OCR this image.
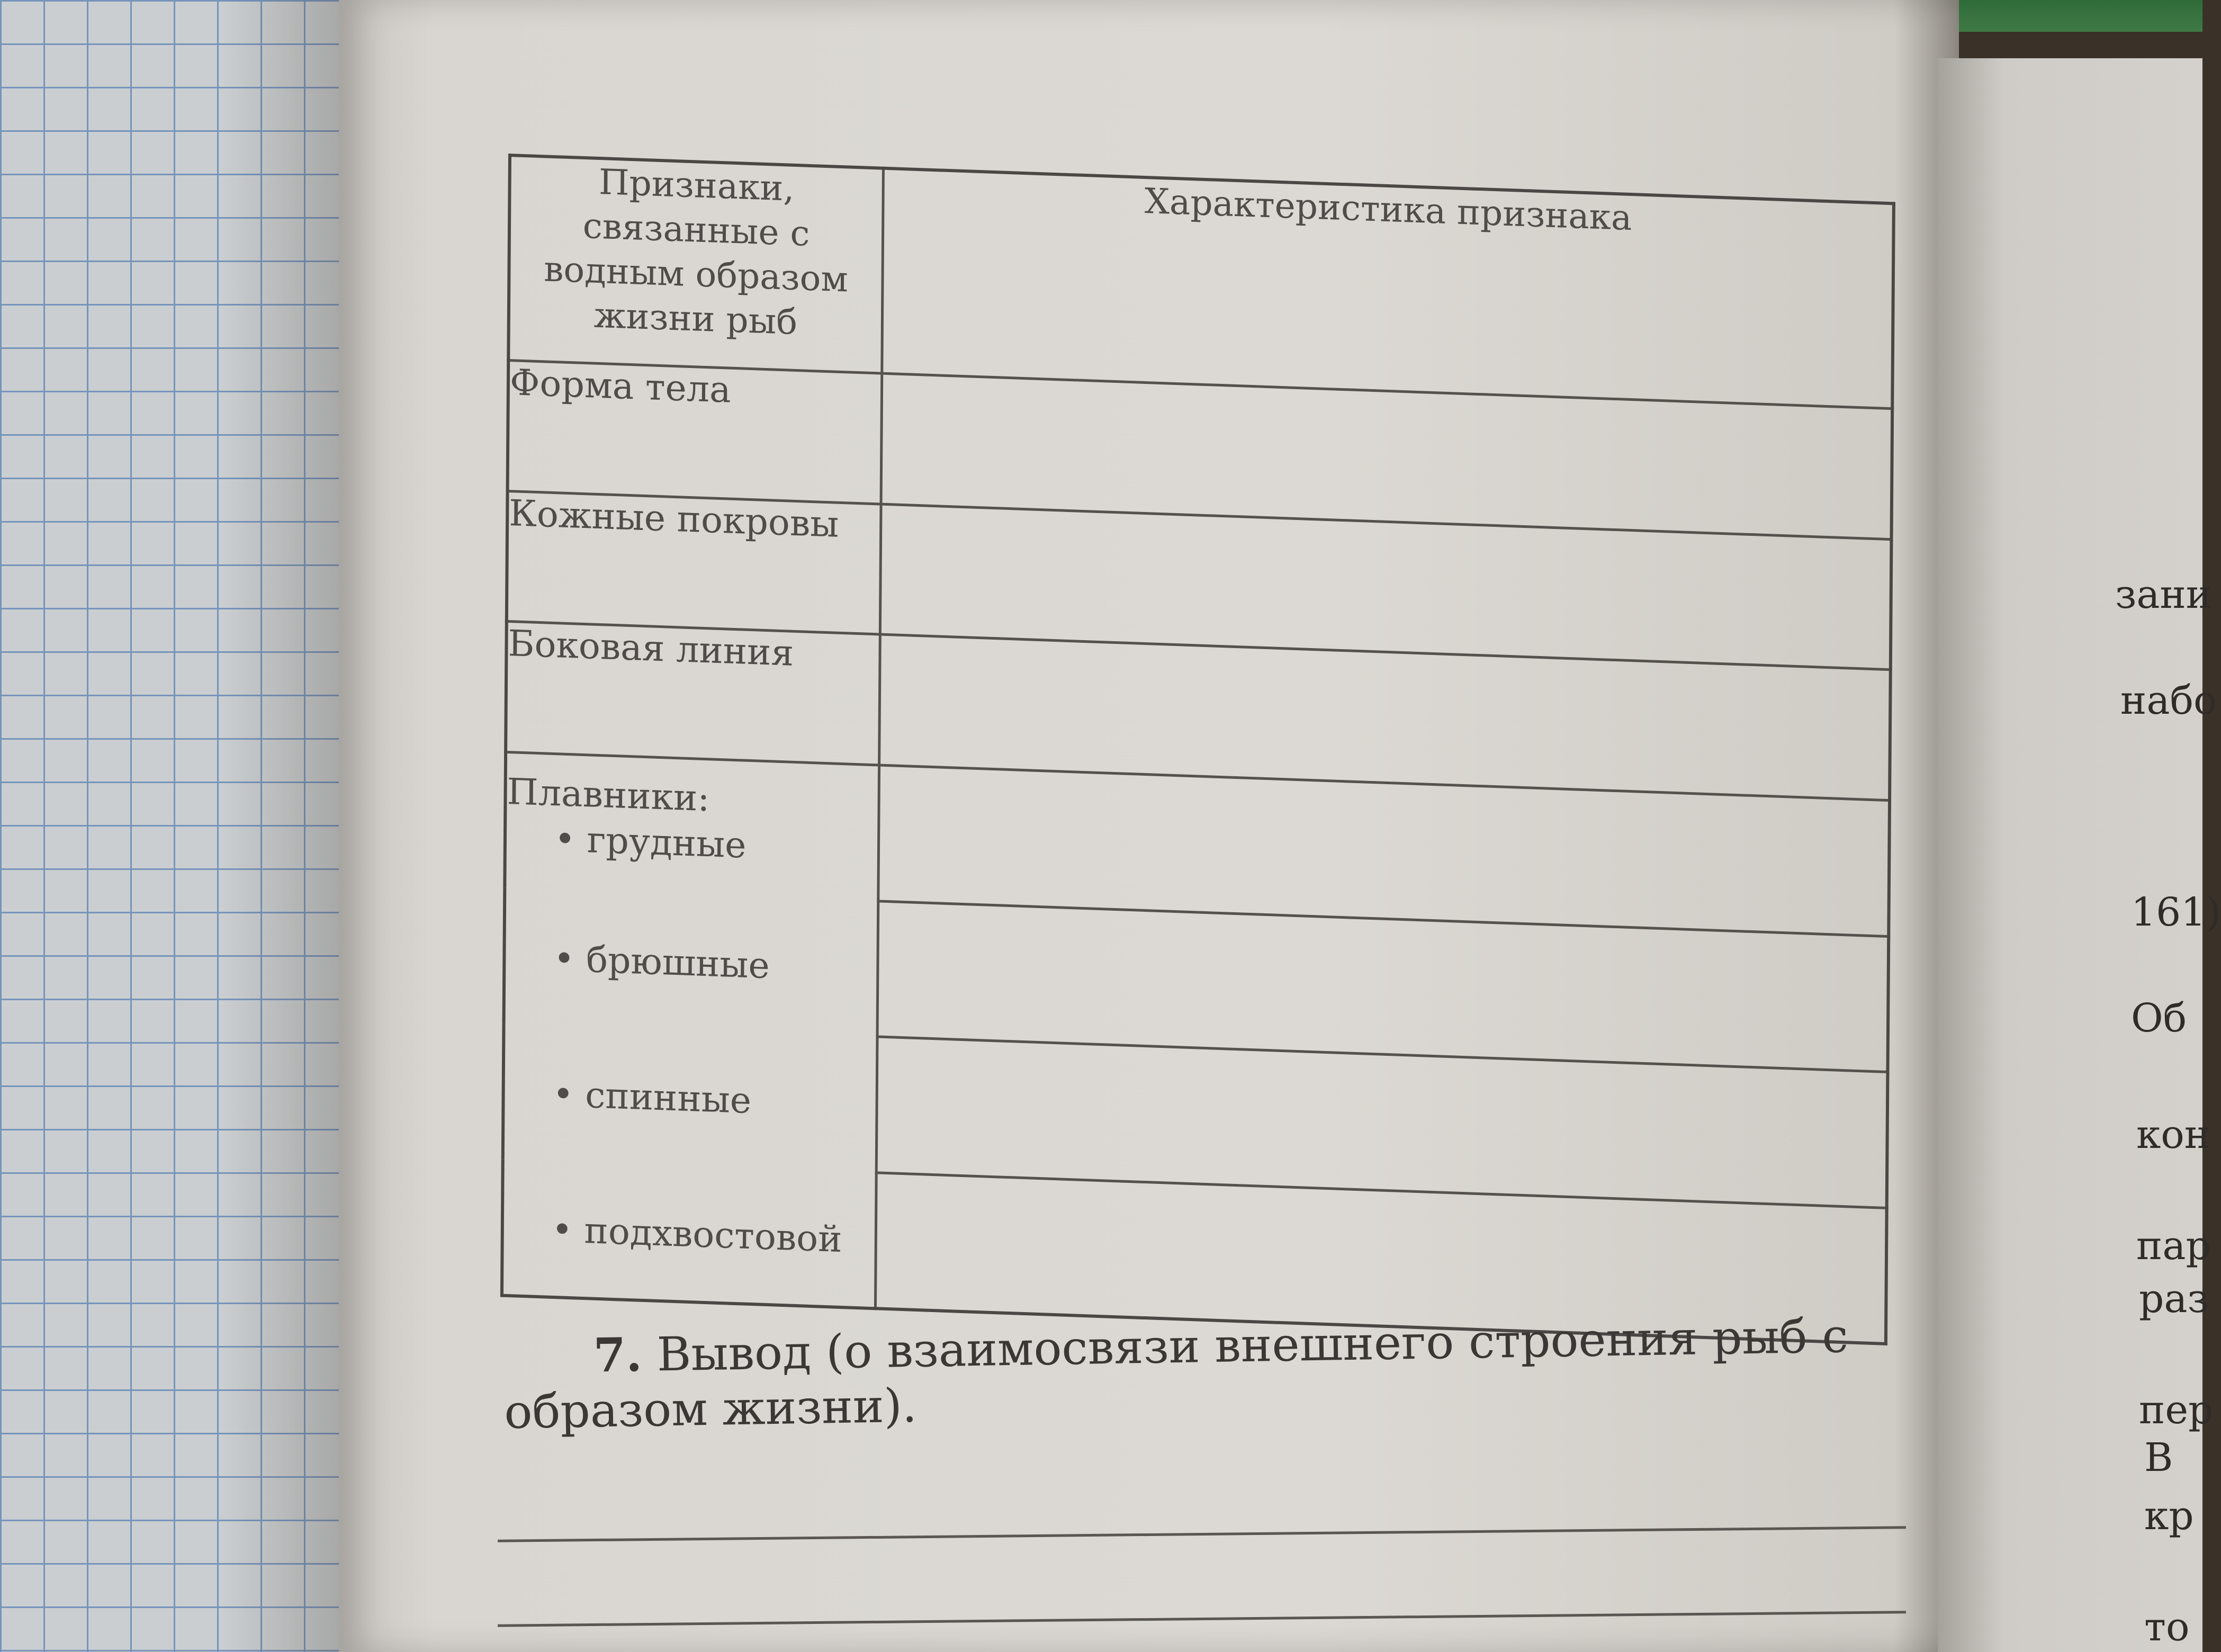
зани
набо
161)
Об
кон
пар
раз
пер
В
кр
то
Признаки, связанные с водным образом жизни рыб	Характеристика признака
Форма тела	
Кожные покровы	
Боковая линия	

Плавники:
• грудные
• брюшные
• спинные
• подхвостовой	

7. Вывод (о взаимосвязи внешнего строения рыб с образом жизни).
